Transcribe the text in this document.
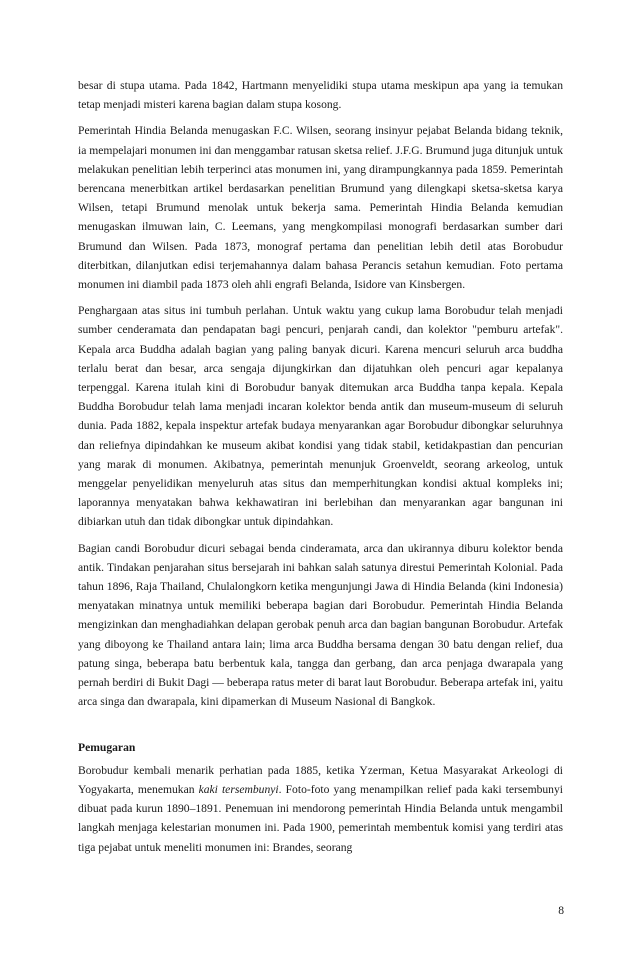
besar di stupa utama. Pada 1842, Hartmann menyelidiki stupa utama meskipun apa yang ia temukan tetap menjadi misteri karena bagian dalam stupa kosong.

Pemerintah Hindia Belanda menugaskan F.C. Wilsen, seorang insinyur pejabat Belanda bidang teknik, ia mempelajari monumen ini dan menggambar ratusan sketsa relief. J.F.G. Brumund juga ditunjuk untuk melakukan penelitian lebih terperinci atas monumen ini, yang dirampungkannya pada 1859. Pemerintah berencana menerbitkan artikel berdasarkan penelitian Brumund yang dilengkapi sketsa-sketsa karya Wilsen, tetapi Brumund menolak untuk bekerja sama. Pemerintah Hindia Belanda kemudian menugaskan ilmuwan lain, C. Leemans, yang mengkompilasi monografi berdasarkan sumber dari Brumund dan Wilsen. Pada 1873, monograf pertama dan penelitian lebih detil atas Borobudur diterbitkan, dilanjutkan edisi terjemahannya dalam bahasa Perancis setahun kemudian. Foto pertama monumen ini diambil pada 1873 oleh ahli engrafi Belanda, Isidore van Kinsbergen.

Penghargaan atas situs ini tumbuh perlahan. Untuk waktu yang cukup lama Borobudur telah menjadi sumber cenderamata dan pendapatan bagi pencuri, penjarah candi, dan kolektor "pemburu artefak". Kepala arca Buddha adalah bagian yang paling banyak dicuri. Karena mencuri seluruh arca buddha terlalu berat dan besar, arca sengaja dijungkirkan dan dijatuhkan oleh pencuri agar kepalanya terpenggal. Karena itulah kini di Borobudur banyak ditemukan arca Buddha tanpa kepala. Kepala Buddha Borobudur telah lama menjadi incaran kolektor benda antik dan museum-museum di seluruh dunia. Pada 1882, kepala inspektur artefak budaya menyarankan agar Borobudur dibongkar seluruhnya dan reliefnya dipindahkan ke museum akibat kondisi yang tidak stabil, ketidakpastian dan pencurian yang marak di monumen. Akibatnya, pemerintah menunjuk Groenveldt, seorang arkeolog, untuk menggelar penyelidikan menyeluruh atas situs dan memperhitungkan kondisi aktual kompleks ini; laporannya menyatakan bahwa kekhawatiran ini berlebihan dan menyarankan agar bangunan ini dibiarkan utuh dan tidak dibongkar untuk dipindahkan.

Bagian candi Borobudur dicuri sebagai benda cinderamata, arca dan ukirannya diburu kolektor benda antik. Tindakan penjarahan situs bersejarah ini bahkan salah satunya direstui Pemerintah Kolonial. Pada tahun 1896, Raja Thailand, Chulalongkorn ketika mengunjungi Jawa di Hindia Belanda (kini Indonesia) menyatakan minatnya untuk memiliki beberapa bagian dari Borobudur. Pemerintah Hindia Belanda mengizinkan dan menghadiahkan delapan gerobak penuh arca dan bagian bangunan Borobudur. Artefak yang diboyong ke Thailand antara lain; lima arca Buddha bersama dengan 30 batu dengan relief, dua patung singa, beberapa batu berbentuk kala, tangga dan gerbang, dan arca penjaga dwarapala yang pernah berdiri di Bukit Dagi — beberapa ratus meter di barat laut Borobudur. Beberapa artefak ini, yaitu arca singa dan dwarapala, kini dipamerkan di Museum Nasional di Bangkok.

Pemugaran

Borobudur kembali menarik perhatian pada 1885, ketika Yzerman, Ketua Masyarakat Arkeologi di Yogyakarta, menemukan kaki tersembunyi. Foto-foto yang menampilkan relief pada kaki tersembunyi dibuat pada kurun 1890–1891. Penemuan ini mendorong pemerintah Hindia Belanda untuk mengambil langkah menjaga kelestarian monumen ini. Pada 1900, pemerintah membentuk komisi yang terdiri atas tiga pejabat untuk meneliti monumen ini: Brandes, seorang

8
